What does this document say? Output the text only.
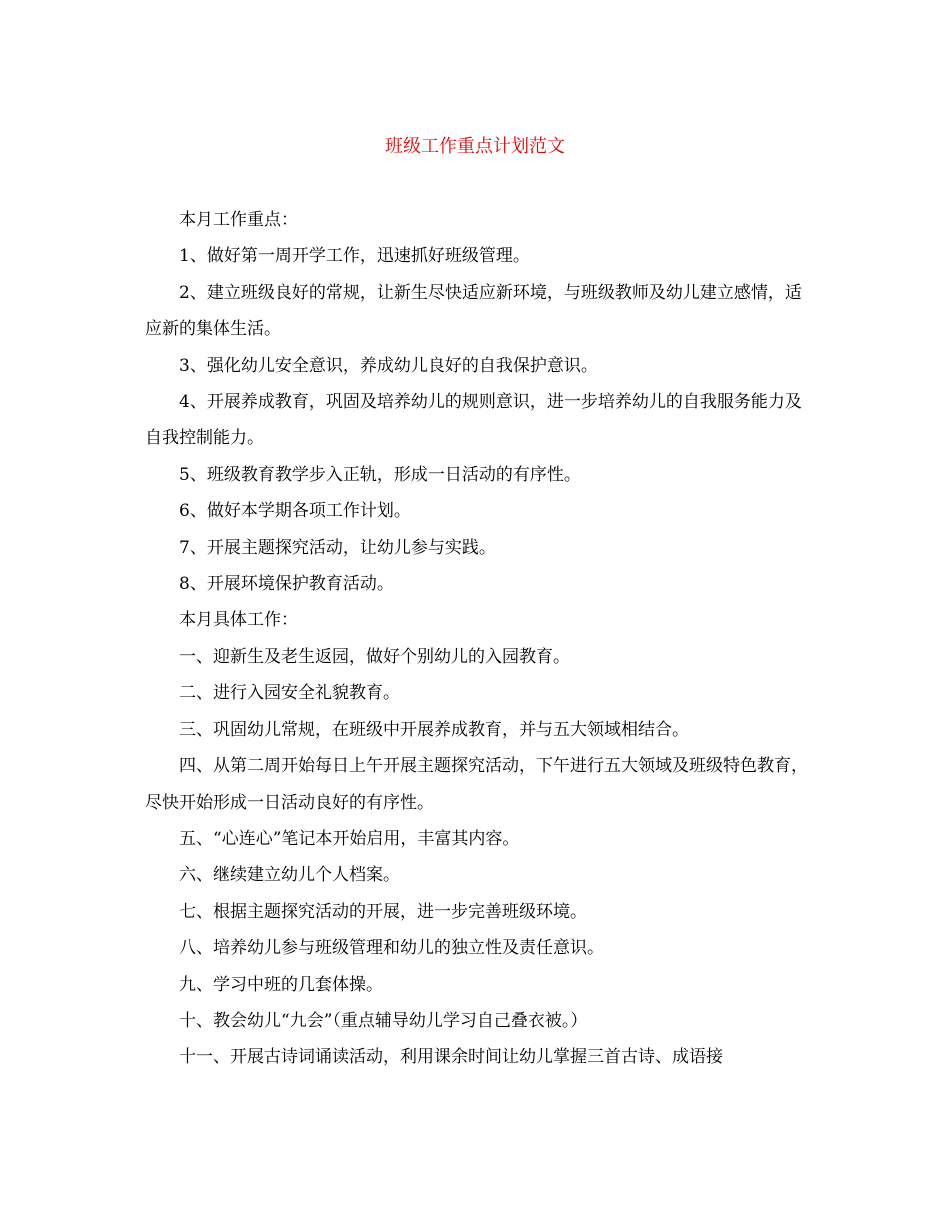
班级工作重点计划范文

本月工作重点：

1、做好第一周开学工作，迅速抓好班级管理。

2、建立班级良好的常规，让新生尽快适应新环境，与班级教师及幼儿建立感情，适应新的集体生活。

3、强化幼儿安全意识，养成幼儿良好的自我保护意识。

4、开展养成教育，巩固及培养幼儿的规则意识，进一步培养幼儿的自我服务能力及自我控制能力。

5、班级教育教学步入正轨，形成一日活动的有序性。

6、做好本学期各项工作计划。

7、开展主题探究活动，让幼儿参与实践。

8、开展环境保护教育活动。

本月具体工作：

一、迎新生及老生返园，做好个别幼儿的入园教育。

二、进行入园安全礼貌教育。

三、巩固幼儿常规，在班级中开展养成教育，并与五大领域相结合。

四、从第二周开始每日上午开展主题探究活动，下午进行五大领域及班级特色教育，尽快开始形成一日活动良好的有序性。

五、“心连心”笔记本开始启用，丰富其内容。

六、继续建立幼儿个人档案。

七、根据主题探究活动的开展，进一步完善班级环境。

八、培养幼儿参与班级管理和幼儿的独立性及责任意识。

九、学习中班的几套体操。

十、教会幼儿“九会”（重点辅导幼儿学习自己叠衣被。）

十一、开展古诗词诵读活动，利用课余时间让幼儿掌握三首古诗、成语接
